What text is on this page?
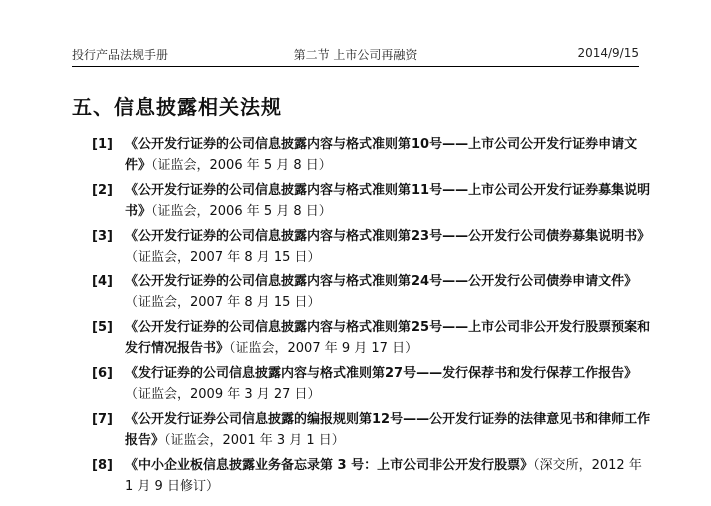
投行产品法规手册	第二节 上市公司再融资	2014/9/15
五、信息披露相关法规
[1] 《公开发行证券的公司信息披露内容与格式准则第10号——上市公司公开发行证券申请文件》（证监会，2006 年 5 月 8 日）
[2] 《公开发行证券的公司信息披露内容与格式准则第11号——上市公司公开发行证券募集说明书》（证监会，2006 年 5 月 8 日）
[3] 《公开发行证券的公司信息披露内容与格式准则第23号——公开发行公司债券募集说明书》（证监会，2007 年 8 月 15 日）
[4] 《公开发行证券的公司信息披露内容与格式准则第24号——公开发行公司债券申请文件》（证监会，2007 年 8 月 15 日）
[5] 《公开发行证券的公司信息披露内容与格式准则第25号——上市公司非公开发行股票预案和发行情况报告书》（证监会，2007 年 9 月 17 日）
[6] 《发行证券的公司信息披露内容与格式准则第27号——发行保荐书和发行保荐工作报告》（证监会，2009 年 3 月 27 日）
[7] 《公开发行证券公司信息披露的编报规则第12号——公开发行证券的法律意见书和律师工作报告》（证监会，2001 年 3 月 1 日）
[8] 《中小企业板信息披露业务备忘录第 3 号：上市公司非公开发行股票》（深交所，2012 年 1 月 9 日修订）
